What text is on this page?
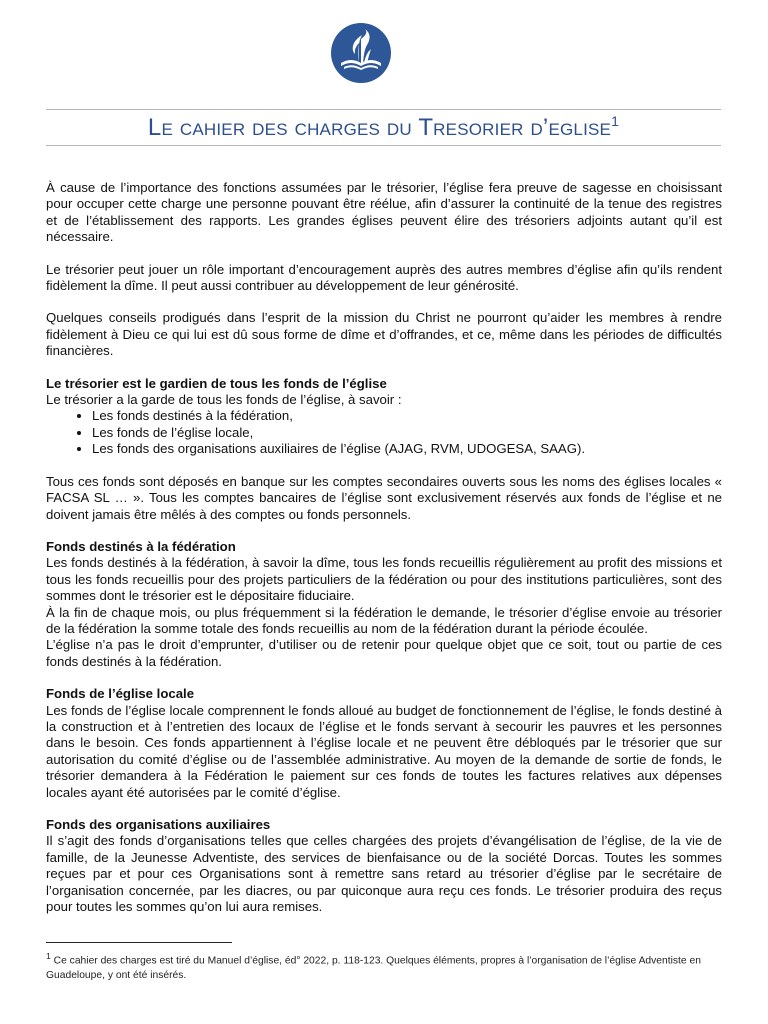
Le cahier des charges du Tresorier d’eglise$^1$

À cause de l’importance des fonctions assumées par le trésorier, l’église fera preuve de sagesse en choisissant pour occuper cette charge une personne pouvant être réélue, afin d’assurer la continuité de la tenue des registres et de l’établissement des rapports. Les grandes églises peuvent élire des trésoriers adjoints autant qu’il est nécessaire.

Le trésorier peut jouer un rôle important d’encouragement auprès des autres membres d’église afin qu’ils rendent fidèlement la dîme. Il peut aussi contribuer au développement de leur générosité.

Quelques conseils prodigués dans l’esprit de la mission du Christ ne pourront qu’aider les membres à rendre fidèlement à Dieu ce qui lui est dû sous forme de dîme et d’offrandes, et ce, même dans les périodes de difficultés financières.

Le trésorier est le gardien de tous les fonds de l’église
Le trésorier a la garde de tous les fonds de l’église, à savoir :
• Les fonds destinés à la fédération,
• Les fonds de l’église locale,
• Les fonds des organisations auxiliaires de l’église (AJAG, RVM, UDOGESA, SAAG).

Tous ces fonds sont déposés en banque sur les comptes secondaires ouverts sous les noms des églises locales « FACSA SL … ». Tous les comptes bancaires de l’église sont exclusivement réservés aux fonds de l’église et ne doivent jamais être mêlés à des comptes ou fonds personnels.

Fonds destinés à la fédération
Les fonds destinés à la fédération, à savoir la dîme, tous les fonds recueillis régulièrement au profit des missions et tous les fonds recueillis pour des projets particuliers de la fédération ou pour des institutions particulières, sont des sommes dont le trésorier est le dépositaire fiduciaire.
À la fin de chaque mois, ou plus fréquemment si la fédération le demande, le trésorier d’église envoie au trésorier de la fédération la somme totale des fonds recueillis au nom de la fédération durant la période écoulée.

L’église n’a pas le droit d’emprunter, d’utiliser ou de retenir pour quelque objet que ce soit, tout ou partie de ces fonds destinés à la fédération.

Fonds de l’église locale

Les fonds de l’église locale comprennent le fonds alloué au budget de fonctionnement de l’église, le fonds destiné à la construction et à l’entretien des locaux de l’église et le fonds servant à secourir les pauvres et les personnes dans le besoin. Ces fonds appartiennent à l’église locale et ne peuvent être débloqués par le trésorier que sur autorisation du comité d’église ou de l’assemblée administrative. Au moyen de la demande de sortie de fonds, le trésorier demandera à la Fédération le paiement sur ces fonds de toutes les factures relatives aux dépenses locales ayant été autorisées par le comité d’église.

Fonds des organisations auxiliaires

Il s’agit des fonds d’organisations telles que celles chargées des projets d’évangélisation de l’église, de la vie de famille, de la Jeunesse Adventiste, des services de bienfaisance ou de la société Dorcas. Toutes les sommes reçues par et pour ces Organisations sont à remettre sans retard au trésorier d’église par le secrétaire de l’organisation concernée, par les diacres, ou par quiconque aura reçu ces fonds. Le trésorier produira des reçus pour toutes les sommes qu’on lui aura remises.

$^1$ Ce cahier des charges est tiré du Manuel d’église, éd° 2022, p. 118-123. Quelques éléments, propres à l’organisation de l’église Adventiste en Guadeloupe, y ont été insérés.
